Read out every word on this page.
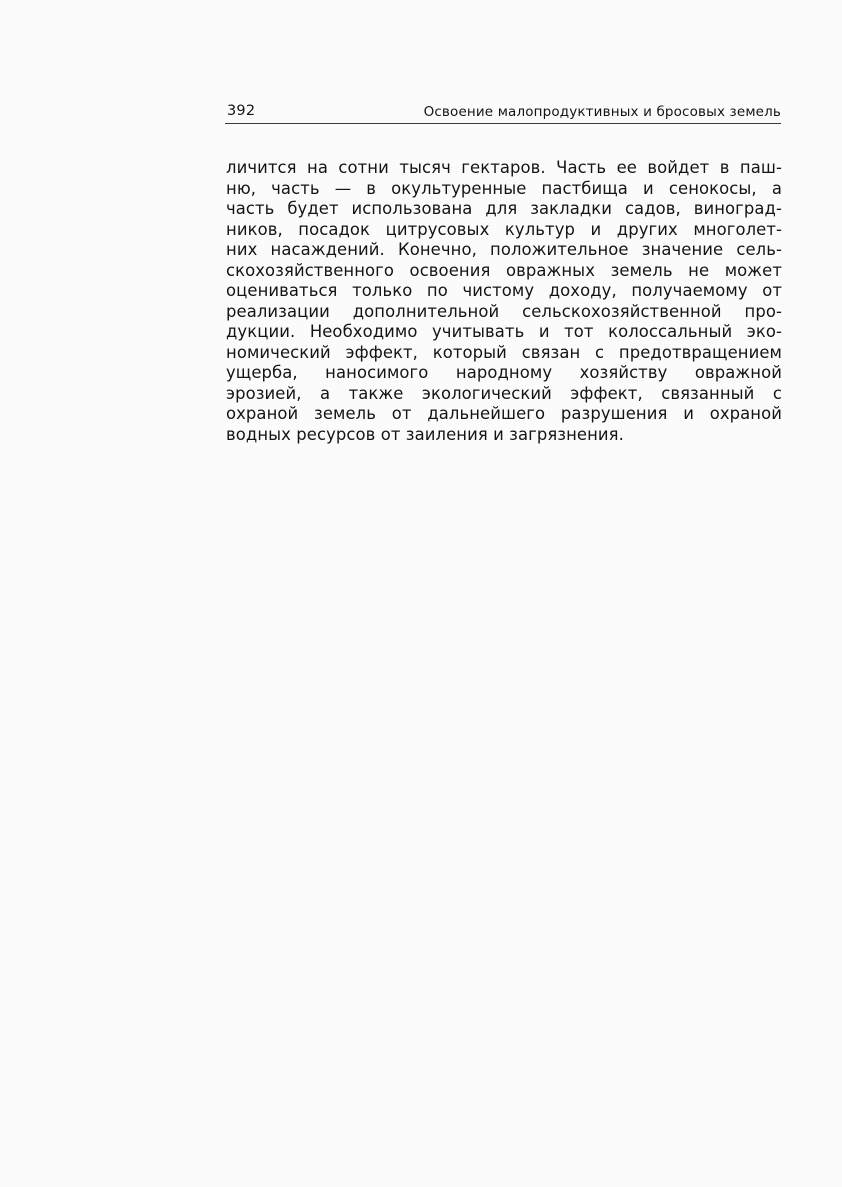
392	Освоение малопродуктивных и бросовых земель
личится на сотни тысяч гектаров. Часть ее войдет в паш-
ню, часть — в окультуренные пастбища и сенокосы, а
часть будет использована для закладки садов, виноград-
ников, посадок цитрусовых культур и других многолет-
них насаждений. Конечно, положительное значение сель-
скохозяйственного освоения овражных земель не может
оцениваться только по чистому доходу, получаемому от
реализации дополнительной сельскохозяйственной про-
дукции. Необходимо учитывать и тот колоссальный эко-
номический эффект, который связан с предотвращением
ущерба, наносимого народному хозяйству овражной
эрозией, а также экологический эффект, связанный с
охраной земель от дальнейшего разрушения и охраной
водных ресурсов от заиления и загрязнения.
